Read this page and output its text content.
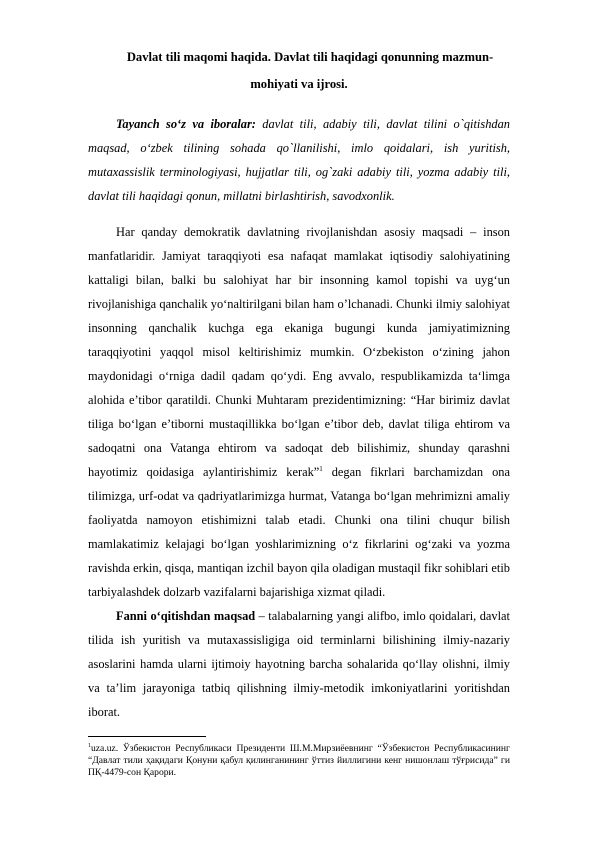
Davlat tili maqomi haqida. Davlat tili haqidagi qonunning mazmun-
mohiyati va ijrosi.

Tayanch so‘z va iboralar: davlat tili, adabiy tili, davlat tilini o`qitishdan maqsad, o‘zbek tilining sohada qo`llanilishi, imlo qoidalari, ish yuritish, mutaxassislik terminologiyasi, hujjatlar tili, og`zaki adabiy tili, yozma adabiy tili, davlat tili haqidagi qonun, millatni birlashtirish, savodxonlik.

Har qanday demokratik davlatning rivojlanishdan asosiy maqsadi – inson manfatlaridir. Jamiyat taraqqiyoti esa nafaqat mamlakat iqtisodiy salohiyatining kattaligi bilan, balki bu salohiyat har bir insonning kamol topishi va uyg‘un rivojlanishiga qanchalik yo‘naltirilgani bilan ham o’lchanadi. Chunki ilmiy salohiyat insonning qanchalik kuchga ega ekaniga bugungi kunda jamiyatimizning taraqqiyotini yaqqol misol keltirishimiz mumkin. O‘zbekiston o‘zining jahon maydonidagi o‘rniga dadil qadam qo‘ydi. Eng avvalo, respublikamizda ta‘limga alohida e’tibor qaratildi. Chunki Muhtaram prezidentimizning: “Har birimiz davlat tiliga bo‘lgan e’tiborni mustaqillikka bo‘lgan e’tibor deb, davlat tiliga ehtirom va sadoqatni ona Vatanga ehtirom va sadoqat deb bilishimiz, shunday qarashni hayotimiz qoidasiga aylantirishimiz kerak”$^1$ degan fikrlari barchamizdan ona tilimizga, urf-odat va qadriyatlarimizga hurmat, Vatanga bo‘lgan mehrimizni amaliy faoliyatda namoyon etishimizni talab etadi. Chunki ona tilini chuqur bilish mamlakatimiz kelajagi bo‘lgan yoshlarimizning o‘z fikrlarini og‘zaki va yozma ravishda erkin, qisqa, mantiqan izchil bayon qila oladigan mustaqil fikr sohiblari etib tarbiyalashdek dolzarb vazifalarni bajarishiga xizmat qiladi.

Fanni o‘qitishdan maqsad – talabalarning yangi alifbo, imlo qoidalari, davlat tilida ish yuritish va mutaxassisligiga oid terminlarni bilishining ilmiy-nazariy asoslarini hamda ularni ijtimoiy hayotning barcha sohalarida qo‘llay olishni, ilmiy va ta’lim jarayoniga tatbiq qilishning ilmiy-metodik imkoniyatlarini yoritishdan iborat.

$^1$uza.uz. Ўзбекистон Республикаси Президенти Ш.М.Мирзиёевнинг “Ўзбекистон Республикасининг “Давлат тили ҳақидаги Қонуни қабул қилинганининг ўттиз йиллигини кенг нишонлаш тўғрисида” ги ПҚ-4479-сон Қарори.
